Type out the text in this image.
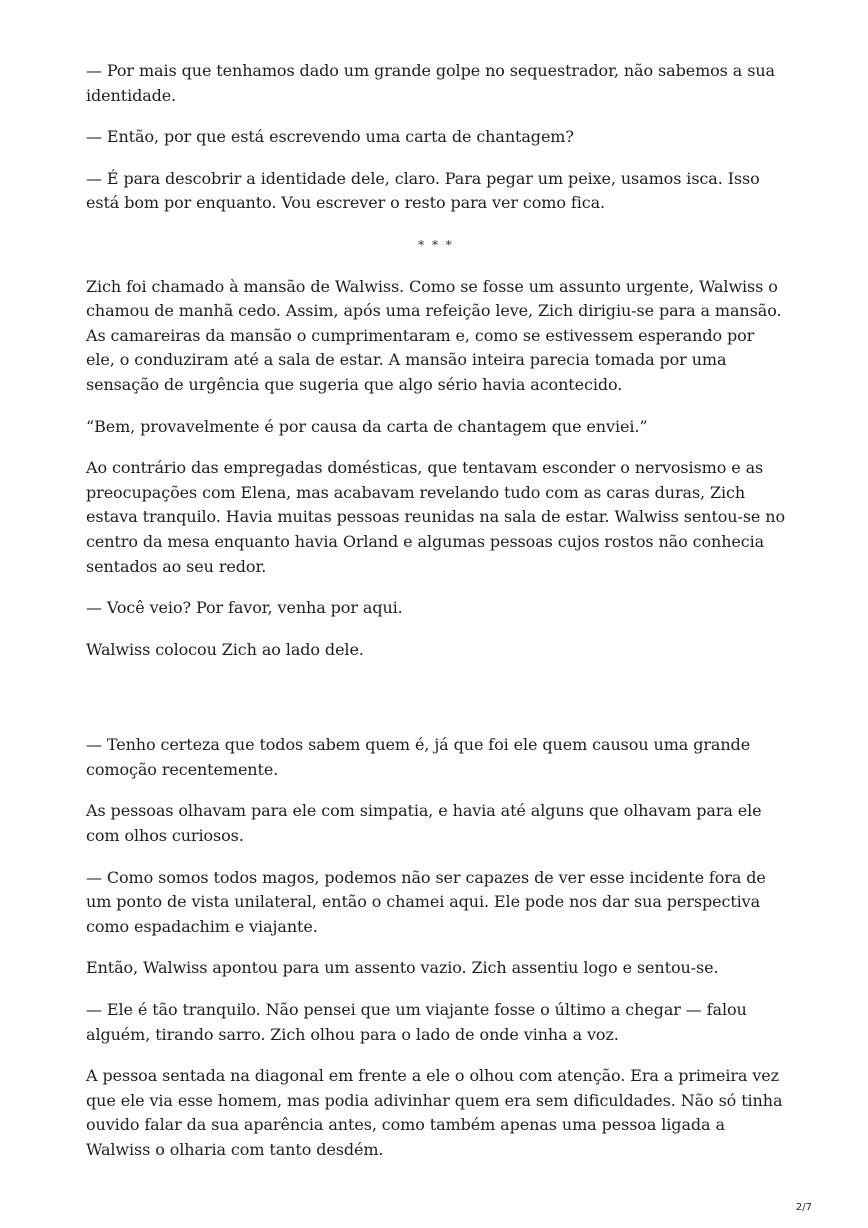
— Por mais que tenhamos dado um grande golpe no sequestrador, não sabemos a sua identidade.

— Então, por que está escrevendo uma carta de chantagem?

— É para descobrir a identidade dele, claro. Para pegar um peixe, usamos isca. Isso está bom por enquanto. Vou escrever o resto para ver como fica.

* * *

Zich foi chamado à mansão de Walwiss. Como se fosse um assunto urgente, Walwiss o chamou de manhã cedo. Assim, após uma refeição leve, Zich dirigiu-se para a mansão. As camareiras da mansão o cumprimentaram e, como se estivessem esperando por ele, o conduziram até a sala de estar. A mansão inteira parecia tomada por uma sensação de urgência que sugeria que algo sério havia acontecido.

“Bem, provavelmente é por causa da carta de chantagem que enviei.”

Ao contrário das empregadas domésticas, que tentavam esconder o nervosismo e as preocupações com Elena, mas acabavam revelando tudo com as caras duras, Zich estava tranquilo. Havia muitas pessoas reunidas na sala de estar. Walwiss sentou-se no centro da mesa enquanto havia Orland e algumas pessoas cujos rostos não conhecia sentados ao seu redor.

— Você veio? Por favor, venha por aqui.

Walwiss colocou Zich ao lado dele.

— Tenho certeza que todos sabem quem é, já que foi ele quem causou uma grande comoção recentemente.

As pessoas olhavam para ele com simpatia, e havia até alguns que olhavam para ele com olhos curiosos.

— Como somos todos magos, podemos não ser capazes de ver esse incidente fora de um ponto de vista unilateral, então o chamei aqui. Ele pode nos dar sua perspectiva como espadachim e viajante.

Então, Walwiss apontou para um assento vazio. Zich assentiu logo e sentou-se.

— Ele é tão tranquilo. Não pensei que um viajante fosse o último a chegar — falou alguém, tirando sarro. Zich olhou para o lado de onde vinha a voz.

A pessoa sentada na diagonal em frente a ele o olhou com atenção. Era a primeira vez que ele via esse homem, mas podia adivinhar quem era sem dificuldades. Não só tinha ouvido falar da sua aparência antes, como também apenas uma pessoa ligada a Walwiss o olharia com tanto desdém.

2/7
